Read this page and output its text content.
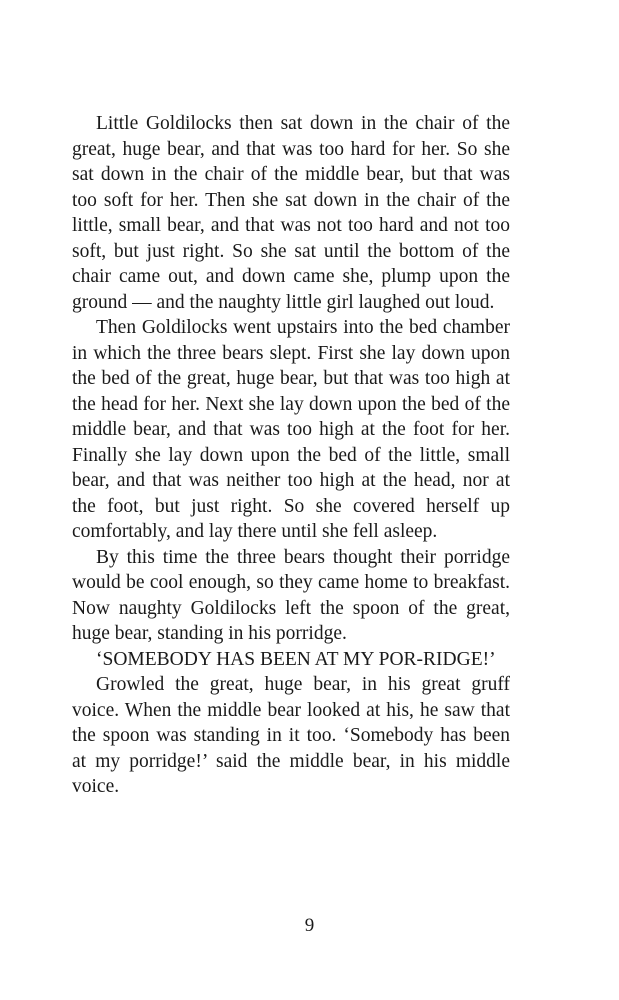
Little Goldilocks then sat down in the chair of the great, huge bear, and that was too hard for her. So she sat down in the chair of the middle bear, but that was too soft for her. Then she sat down in the chair of the little, small bear, and that was not too hard and not too soft, but just right. So she sat until the bottom of the chair came out, and down came she, plump upon the ground — and the naughty little girl laughed out loud.

Then Goldilocks went upstairs into the bed chamber in which the three bears slept. First she lay down upon the bed of the great, huge bear, but that was too high at the head for her. Next she lay down upon the bed of the middle bear, and that was too high at the foot for her. Finally she lay down upon the bed of the little, small bear, and that was neither too high at the head, nor at the foot, but just right. So she covered herself up comfortably, and lay there until she fell asleep.

By this time the three bears thought their porridge would be cool enough, so they came home to breakfast. Now naughty Goldilocks left the spoon of the great, huge bear, standing in his porridge.

‘SOMEBODY HAS BEEN AT MY POR-RIDGE!’

Growled the great, huge bear, in his great gruff voice. When the middle bear looked at his, he saw that the spoon was standing in it too. ‘Somebody has been at my porridge!’ said the middle bear, in his middle voice.

9
